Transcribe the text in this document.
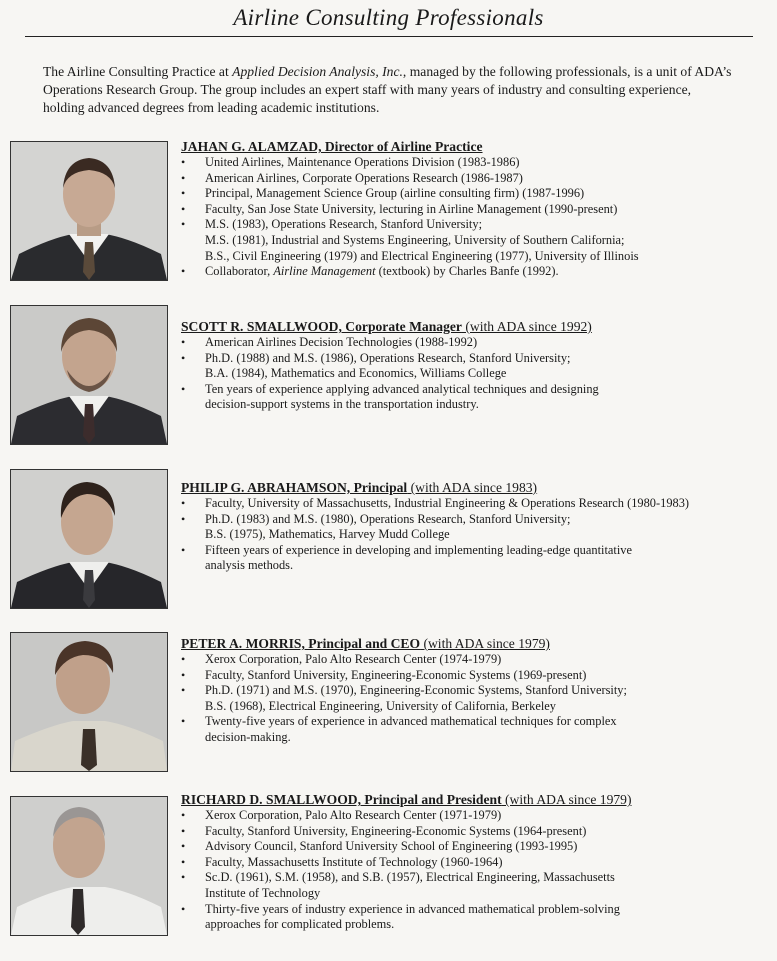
Airline Consulting Professionals
The Airline Consulting Practice at Applied Decision Analysis, Inc., managed by the following professionals, is a unit of ADA’s Operations Research Group. The group includes an expert staff with many years of industry and consulting experience, holding advanced degrees from leading academic institutions.
JAHAN G. ALAMZAD, Director of Airline Practice
• United Airlines, Maintenance Operations Division (1983-1986)
• American Airlines, Corporate Operations Research (1986-1987)
• Principal, Management Science Group (airline consulting firm) (1987-1996)
• Faculty, San Jose State University, lecturing in Airline Management (1990-present)
• M.S. (1983), Operations Research, Stanford University;
M.S. (1981), Industrial and Systems Engineering, University of Southern California;
B.S., Civil Engineering (1979) and Electrical Engineering (1977), University of Illinois
• Collaborator, Airline Management (textbook) by Charles Banfe (1992).
SCOTT R. SMALLWOOD, Corporate Manager (with ADA since 1992)
• American Airlines Decision Technologies (1988-1992)
• Ph.D. (1988) and M.S. (1986), Operations Research, Stanford University;
B.A. (1984), Mathematics and Economics, Williams College
• Ten years of experience applying advanced analytical techniques and designing
decision-support systems in the transportation industry.
PHILIP G. ABRAHAMSON, Principal (with ADA since 1983)
• Faculty, University of Massachusetts, Industrial Engineering & Operations Research (1980-1983)
• Ph.D. (1983) and M.S. (1980), Operations Research, Stanford University;
B.S. (1975), Mathematics, Harvey Mudd College
• Fifteen years of experience in developing and implementing leading-edge quantitative
analysis methods.
PETER A. MORRIS, Principal and CEO (with ADA since 1979)
• Xerox Corporation, Palo Alto Research Center (1974-1979)
• Faculty, Stanford University, Engineering-Economic Systems (1969-present)
• Ph.D. (1971) and M.S. (1970), Engineering-Economic Systems, Stanford University;
B.S. (1968), Electrical Engineering, University of California, Berkeley
• Twenty-five years of experience in advanced mathematical techniques for complex
decision-making.
RICHARD D. SMALLWOOD, Principal and President (with ADA since 1979)
• Xerox Corporation, Palo Alto Research Center (1971-1979)
• Faculty, Stanford University, Engineering-Economic Systems (1964-present)
• Advisory Council, Stanford University School of Engineering (1993-1995)
• Faculty, Massachusetts Institute of Technology (1960-1964)
• Sc.D. (1961), S.M. (1958), and S.B. (1957), Electrical Engineering, Massachusetts
Institute of Technology
• Thirty-five years of industry experience in advanced mathematical problem-solving
approaches for complicated problems.
